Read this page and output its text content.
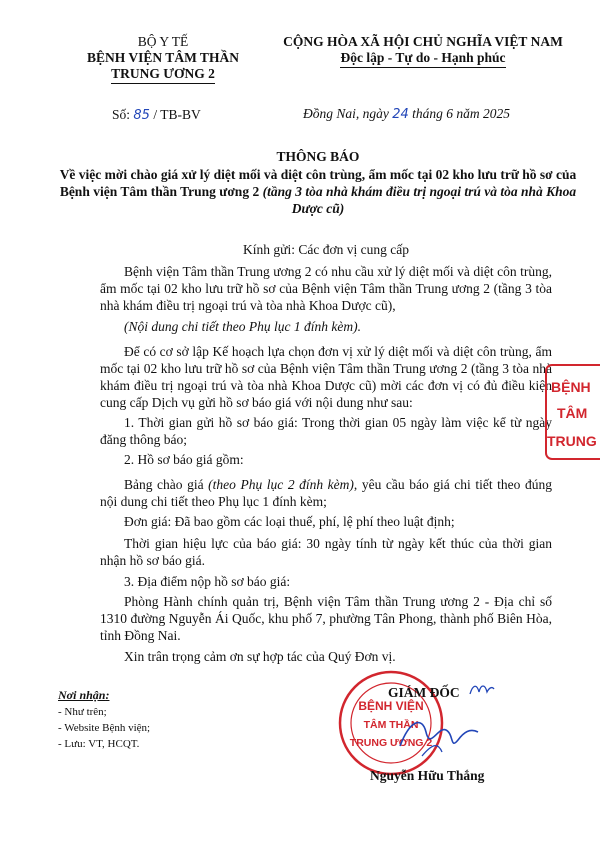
BỘ Y TẾ
BỆNH VIỆN TÂM THẦN
TRUNG ƯƠNG 2
CỘNG HÒA XÃ HỘI CHỦ NGHĨA VIỆT NAM
Độc lập - Tự do - Hạnh phúc
Số: 85 / TB-BV	Đồng Nai, ngày 24 tháng 6 năm 2025
THÔNG BÁO
Về việc mời chào giá xử lý diệt mối và diệt côn trùng, ẩm mốc tại 02 kho lưu trữ hồ sơ của Bệnh viện Tâm thần Trung ương 2 (tầng 3 tòa nhà khám điều trị ngoại trú và tòa nhà Khoa Dược cũ)
Kính gửi: Các đơn vị cung cấp
Bệnh viện Tâm thần Trung ương 2 có nhu cầu xử lý diệt mối và diệt côn trùng, ẩm mốc tại 02 kho lưu trữ hồ sơ của Bệnh viện Tâm thần Trung ương 2 (tầng 3 tòa nhà khám điều trị ngoại trú và tòa nhà Khoa Dược cũ),
(Nội dung chi tiết theo Phụ lục 1 đính kèm).
Để có cơ sở lập Kế hoạch lựa chọn đơn vị xử lý diệt mối và diệt côn trùng, ẩm mốc tại 02 kho lưu trữ hồ sơ của Bệnh viện Tâm thần Trung ương 2 (tầng 3 tòa nhà khám điều trị ngoại trú và tòa nhà Khoa Dược cũ) mời các đơn vị có đủ điều kiện cung cấp Dịch vụ gửi hồ sơ báo giá với nội dung như sau:
1. Thời gian gửi hồ sơ báo giá: Trong thời gian 05 ngày làm việc kể từ ngày đăng thông báo;
2. Hồ sơ báo giá gồm:
Bảng chào giá (theo Phụ lục 2 đính kèm), yêu cầu báo giá chi tiết theo đúng nội dung chi tiết theo Phụ lục 1 đính kèm;
Đơn giá: Đã bao gồm các loại thuế, phí, lệ phí theo luật định;
Thời gian hiệu lực của báo giá: 30 ngày tính từ ngày kết thúc của thời gian nhận hồ sơ báo giá.
3. Địa điểm nộp hồ sơ báo giá:
Phòng Hành chính quản trị, Bệnh viện Tâm thần Trung ương 2 - Địa chỉ số 1310 đường Nguyễn Ái Quốc, khu phố 7, phường Tân Phong, thành phố Biên Hòa, tỉnh Đồng Nai.
Xin trân trọng cảm ơn sự hợp tác của Quý Đơn vị.
BỆNH
TÂM
TRUNG
Nơi nhận:
- Như trên;
- Website Bệnh viện;
- Lưu: VT, HCQT.
BỆNH VIỆN
TÂM THẦN
TRUNG ƯƠNG 2
GIÁM ĐỐC
Nguyễn Hữu Thắng
